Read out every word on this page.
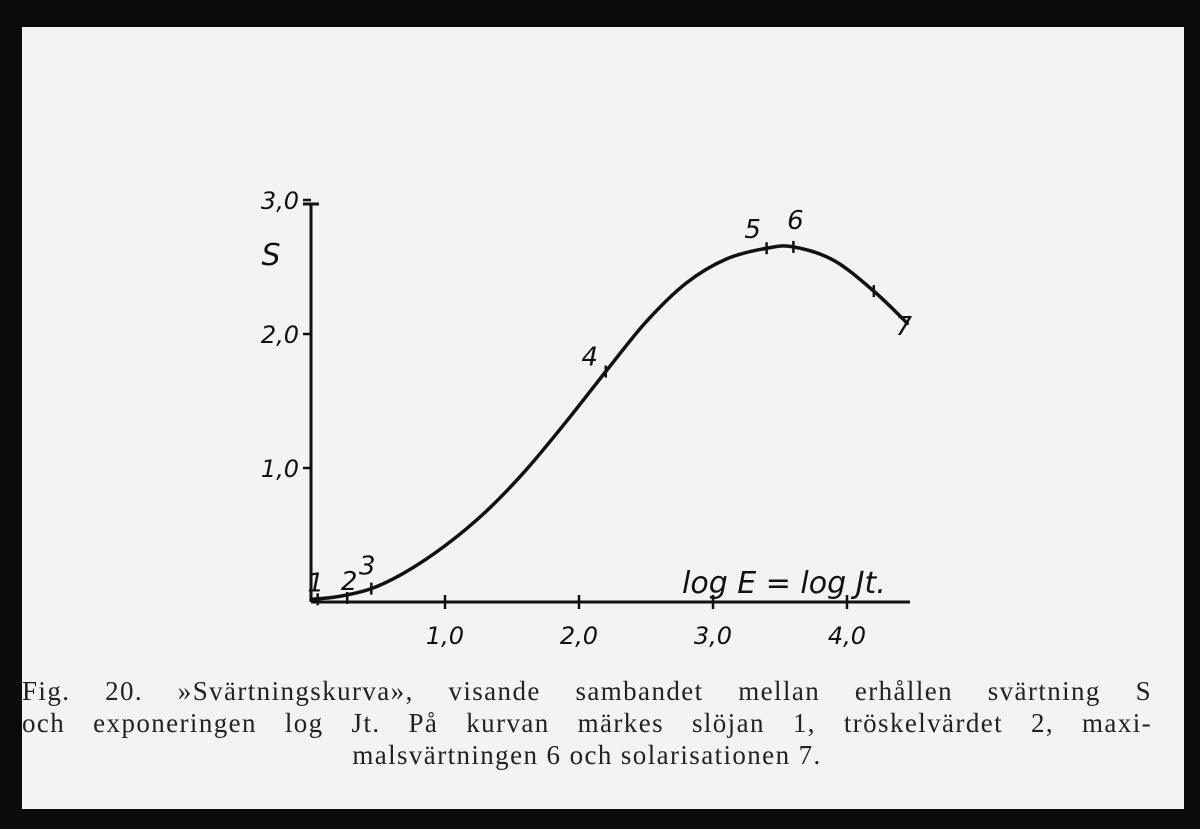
1,0	2,0	3,0	4,0
1,0
2,0
3,0
S
log E = log Jt.
1 2
3
4
5 6
7
Fig. 20. »Svärtningskurva», visande sambandet mellan erhållen svärtning S
och exponeringen log Jt. På kurvan märkes slöjan 1, tröskelvärdet 2, maxi-
malsvärtningen 6 och solarisationen 7.
